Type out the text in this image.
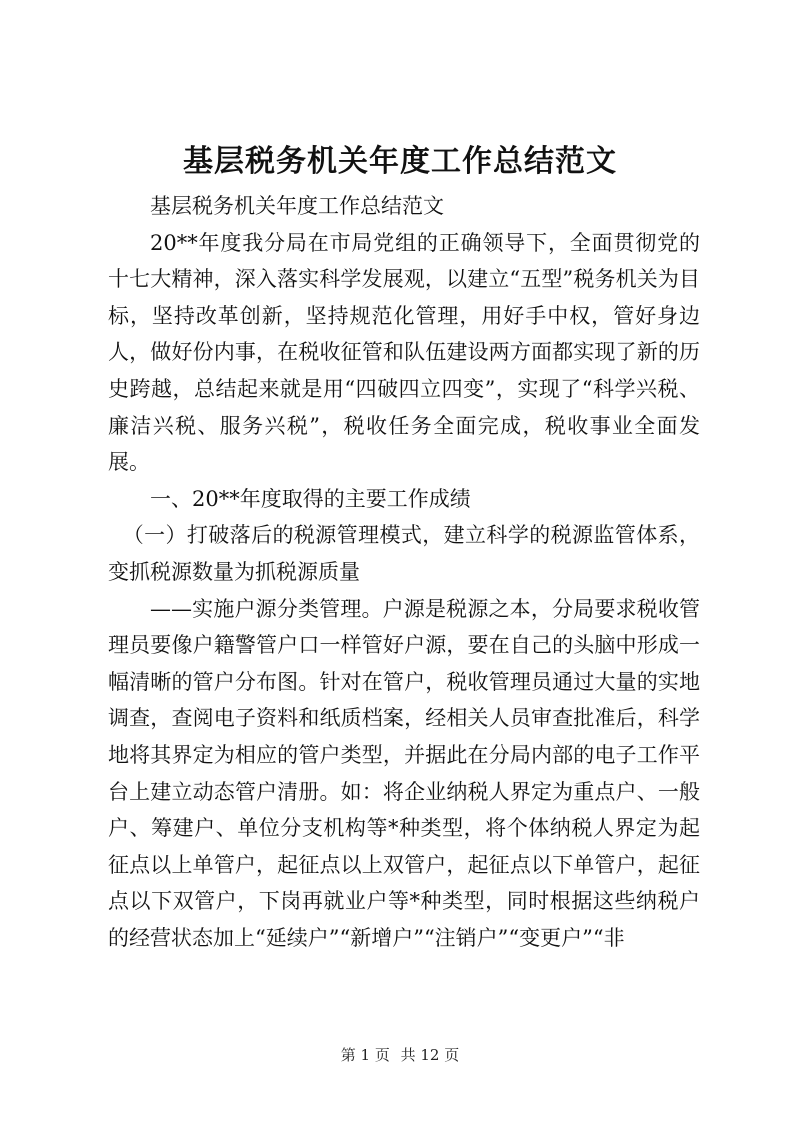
基层税务机关年度工作总结范文

基层税务机关年度工作总结范文

20**年度我分局在市局党组的正确领导下，全面贯彻党的十七大精神，深入落实科学发展观，以建立“五型”税务机关为目标，坚持改革创新，坚持规范化管理，用好手中权，管好身边人，做好份内事，在税收征管和队伍建设两方面都实现了新的历史跨越，总结起来就是用“四破四立四变”，实现了“科学兴税、廉洁兴税、服务兴税”，税收任务全面完成，税收事业全面发展。

一、20**年度取得的主要工作成绩

（一）打破落后的税源管理模式，建立科学的税源监管体系，变抓税源数量为抓税源质量

——实施户源分类管理。户源是税源之本，分局要求税收管理员要像户籍警管户口一样管好户源，要在自己的头脑中形成一幅清晰的管户分布图。针对在管户，税收管理员通过大量的实地调查，查阅电子资料和纸质档案，经相关人员审查批准后，科学地将其界定为相应的管户类型，并据此在分局内部的电子工作平台上建立动态管户清册。如：将企业纳税人界定为重点户、一般户、筹建户、单位分支机构等*种类型，将个体纳税人界定为起征点以上单管户，起征点以上双管户，起征点以下单管户，起征点以下双管户，下岗再就业户等*种类型，同时根据这些纳税户的经营状态加上“延续户”“新增户”“注销户”“变更户”“非

第 1 页 共 12 页
